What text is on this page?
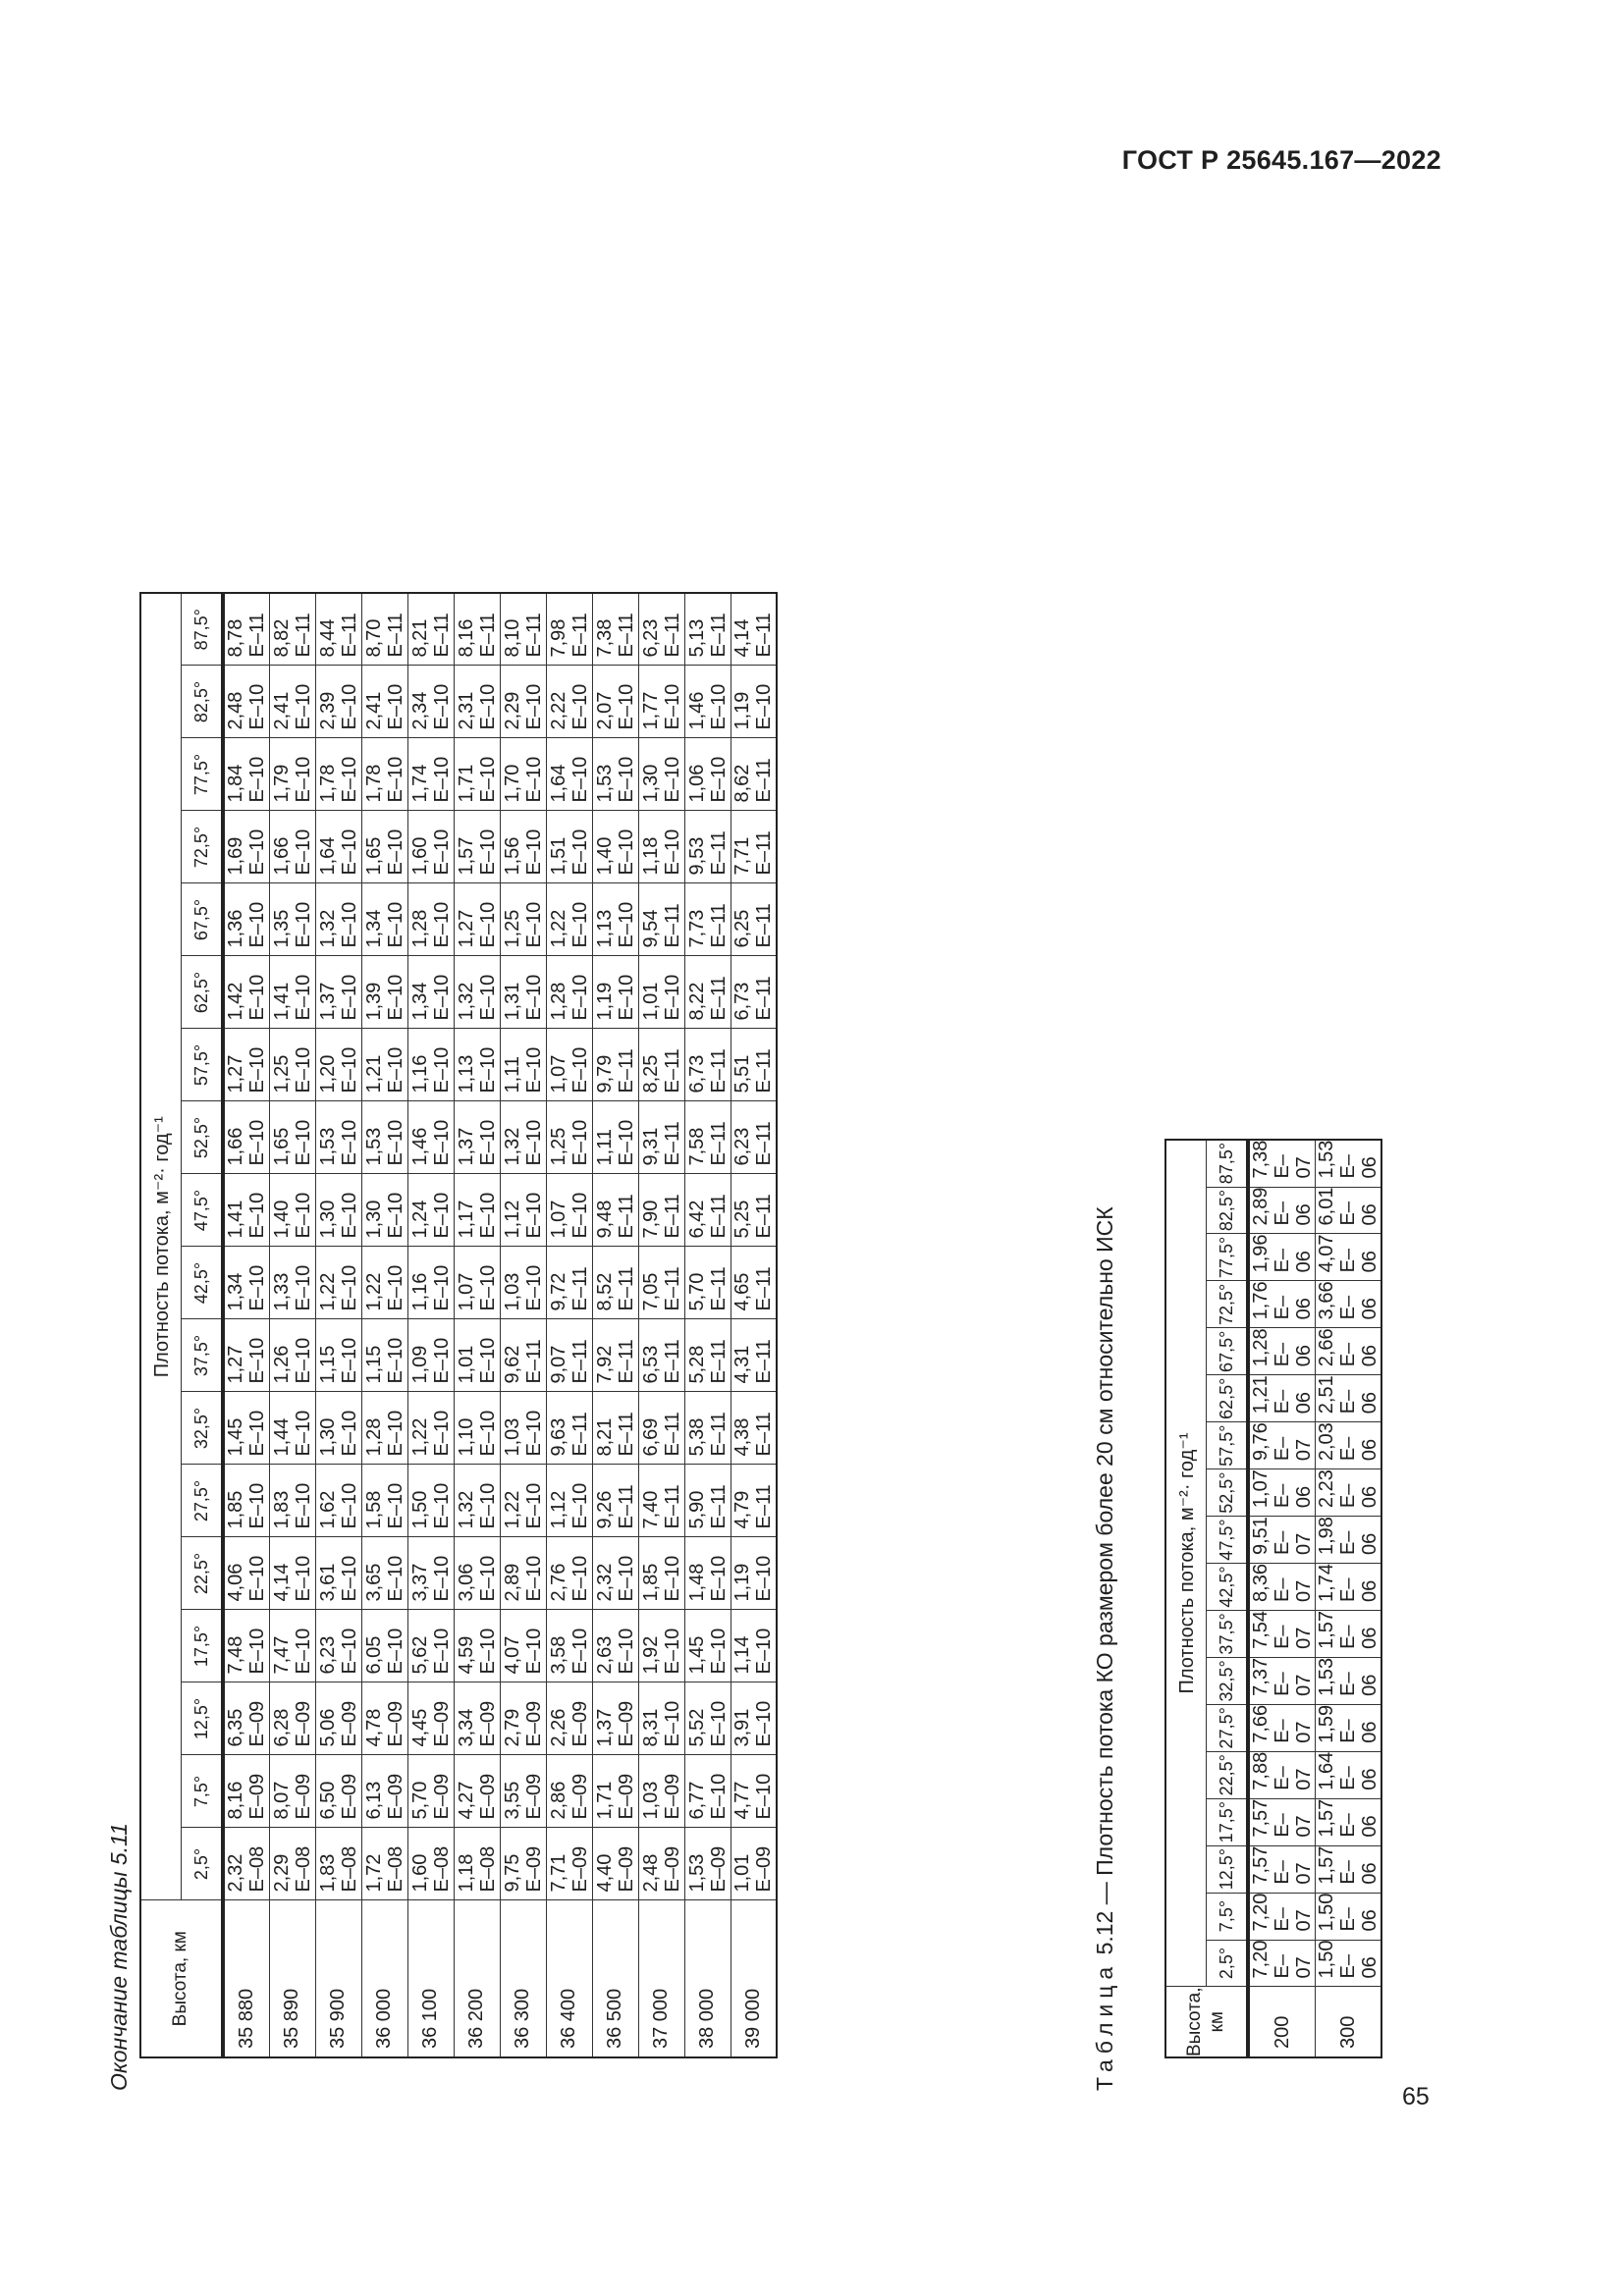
ГОСТ Р 25645.167—2022
Окончание таблицы 5.11 Высота, км	Плотность потока, м⁻²· год⁻¹																	
	2,5°	7,5°	12,5°	17,5°	22,5°	27,5°	32,5°	37,5°	42,5°	47,5°	52,5°	57,5°	62,5°	67,5°	72,5°	77,5°	82,5°	87,5°
35 880	2,32 E–08	8,16 E–09	6,35 E–09	7,48 E–10	4,06 E–10	1,85 E–10	1,45 E–10	1,27 E–10	1,34 E–10	1,41 E–10	1,66 E–10	1,27 E–10	1,42 E–10	1,36 E–10	1,69 E–10	1,84 E–10	2,48 E–10	8,78 E–11

35 890	2,29 E–08	8,07 E–09	6,28 E–09	7,47 E–10	4,14 E–10	1,83 E–10	1,44 E–10	1,26 E–10	1,33 E–10	1,40 E–10	1,65 E–10	1,25 E–10	1,41 E–10	1,35 E–10	1,66 E–10	1,79 E–10	2,41 E–10	8,82 E–11

35 900	1,83 E–08	6,50 E–09	5,06 E–09	6,23 E–10	3,61 E–10	1,62 E–10	1,30 E–10	1,15 E–10	1,22 E–10	1,30 E–10	1,53 E–10	1,20 E–10	1,37 E–10	1,32 E–10	1,64 E–10	1,78 E–10	2,39 E–10	8,44 E–11

36 000	1,72 E–08	6,13 E–09	4,78 E–09	6,05 E–10	3,65 E–10	1,58 E–10	1,28 E–10	1,15 E–10	1,22 E–10	1,30 E–10	1,53 E–10	1,21 E–10	1,39 E–10	1,34 E–10	1,65 E–10	1,78 E–10	2,41 E–10	8,70 E–11

36 100	1,60 E–08	5,70 E–09	4,45 E–09	5,62 E–10	3,37 E–10	1,50 E–10	1,22 E–10	1,09 E–10	1,16 E–10	1,24 E–10	1,46 E–10	1,16 E–10	1,34 E–10	1,28 E–10	1,60 E–10	1,74 E–10	2,34 E–10	8,21 E–11

36 200	1,18 E–08	4,27 E–09	3,34 E–09	4,59 E–10	3,06 E–10	1,32 E–10	1,10 E–10	1,01 E–10	1,07 E–10	1,17 E–10	1,37 E–10	1,13 E–10	1,32 E–10	1,27 E–10	1,57 E–10	1,71 E–10	2,31 E–10	8,16 E–11

36 300	9,75 E–09	3,55 E–09	2,79 E–09	4,07 E–10	2,89 E–10	1,22 E–10	1,03 E–10	9,62 E–11	1,03 E–10	1,12 E–10	1,32 E–10	1,11 E–10	1,31 E–10	1,25 E–10	1,56 E–10	1,70 E–10	2,29 E–10	8,10 E–11

36 400	7,71 E–09	2,86 E–09	2,26 E–09	3,58 E–10	2,76 E–10	1,12 E–10	9,63 E–11	9,07 E–11	9,72 E–11	1,07 E–10	1,25 E–10	1,07 E–10	1,28 E–10	1,22 E–10	1,51 E–10	1,64 E–10	2,22 E–10	7,98 E–11

36 500	4,40 E–09	1,71 E–09	1,37 E–09	2,63 E–10	2,32 E–10	9,26 E–11	8,21 E–11	7,92 E–11	8,52 E–11	9,48 E–11	1,11 E–10	9,79 E–11	1,19 E–10	1,13 E–10	1,40 E–10	1,53 E–10	2,07 E–10	7,38 E–11

37 000	2,48 E–09	1,03 E–09	8,31 E–10	1,92 E–10	1,85 E–10	7,40 E–11	6,69 E–11	6,53 E–11	7,05 E–11	7,90 E–11	9,31 E–11	8,25 E–11	1,01 E–10	9,54 E–11	1,18 E–10	1,30 E–10	1,77 E–10	6,23 E–11

38 000	1,53 E–09	6,77 E–10	5,52 E–10	1,45 E–10	1,48 E–10	5,90 E–11	5,38 E–11	5,28 E–11	5,70 E–11	6,42 E–11	7,58 E–11	6,73 E–11	8,22 E–11	7,73 E–11	9,53 E–11	1,06 E–10	1,46 E–10	5,13 E–11

39 000	1,01 E–09	4,77 E–10	3,91 E–10	1,14 E–10	1,19 E–10	4,79 E–11	4,38 E–11	4,31 E–11	4,65 E–11	5,25 E–11	6,23 E–11	5,51 E–11	6,73 E–11	6,25 E–11	7,71 E–11	8,62 E–11	1,19 E–10	4,14 E–11
Таблица 5.12 — Плотность потока КО размером более 20 см относительно ИСК
Высота, км	Плотность потока, м⁻²· год⁻¹																	
	2,5°	7,5°	12,5°	17,5°	22,5°	27,5°	32,5°	37,5°	42,5°	47,5°	52,5°	57,5°	62,5°	67,5°	72,5°	77,5°	82,5°	87,5°
200	7,20 E–07	7,20 E–07	7,57 E–07	7,57 E–07	7,88 E–07	7,66 E–07	7,37 E–07	7,54 E–07	8,36 E–07	9,51 E–07	1,07 E–06	9,76 E–07	1,21 E–06	1,28 E–06	1,76 E–06	1,96 E–06	2,89 E–06	7,38 E–07

300	1,50 E–06	1,50 E–06	1,57 E–06	1,57 E–06	1,64 E–06	1,59 E–06	1,53 E–06	1,57 E–06	1,74 E–06	1,98 E–06	2,23 E–06	2,03 E–06	2,51 E–06	2,66 E–06	3,66 E–06	4,07 E–06	6,01 E–06	1,53 E–06
65
